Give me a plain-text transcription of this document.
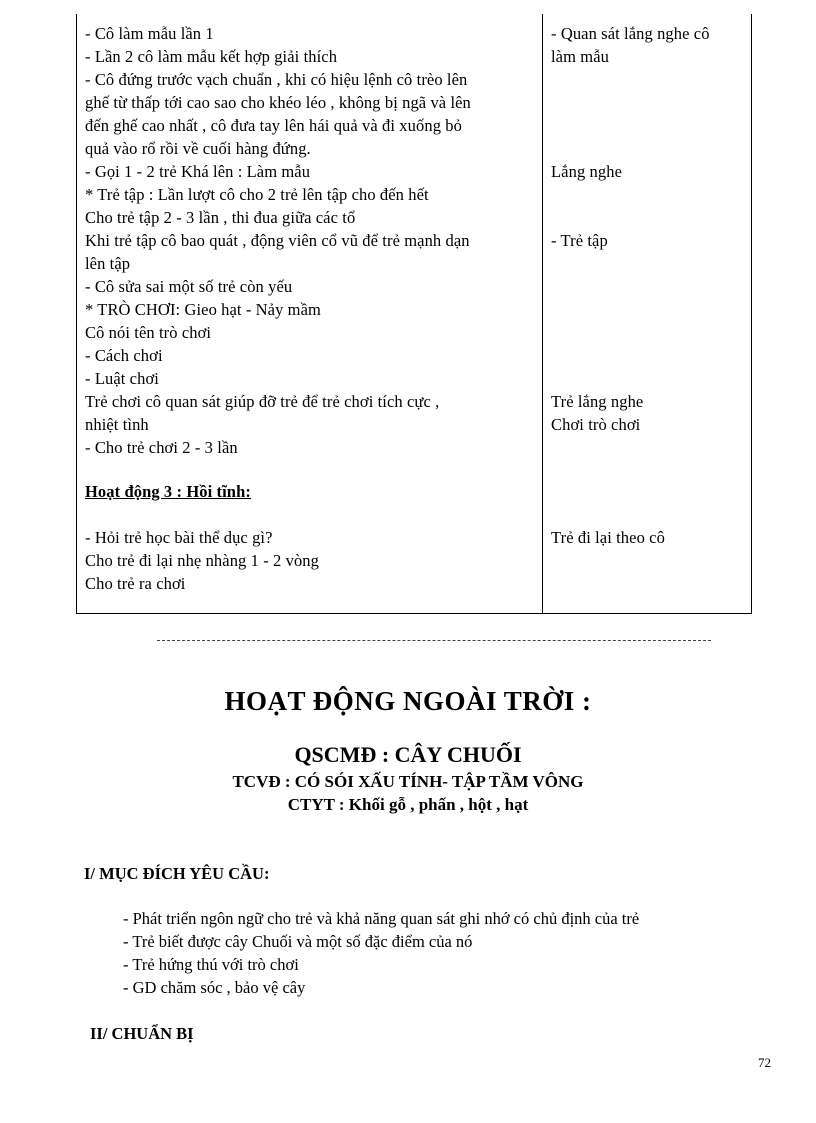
- Cô làm mẫu lần 1
- Lần 2 cô làm mẫu kết hợp giải thích
- Cô đứng trước vạch chuẩn , khi có hiệu lệnh cô trèo lên
ghế từ thấp tới cao sao cho khéo léo , không bị ngã và lên
đến ghế cao nhất , cô đưa tay lên hái quả và đi xuống bỏ
quả vào rổ rồi về cuối hàng đứng.
- Gọi 1 - 2 trẻ Khá lên : Làm mẫu
* Trẻ tập : Lần lượt cô cho 2 trẻ lên tập cho đến hết
Cho trẻ tập 2 - 3 lần , thi đua giữa các tổ
Khi trẻ tập cô bao quát , động viên cổ vũ để trẻ mạnh dạn
lên tập
- Cô sửa sai một số trẻ còn yếu
* TRÒ CHƠI: Gieo hạt - Nảy mầm
Cô nói tên trò chơi
- Cách chơi
- Luật chơi
Trẻ chơi cô quan sát giúp đỡ trẻ để trẻ chơi tích cực ,
nhiệt tình
- Cho trẻ chơi 2 - 3 lần
Hoạt động 3 : Hồi tĩnh:
- Hỏi trẻ học bài thể dục gì?
Cho trẻ đi lại nhẹ nhàng 1 - 2 vòng
Cho trẻ ra chơi
- Quan sát lắng nghe cô
làm mẫu
Lắng nghe
- Trẻ tập
Trẻ lắng nghe
Chơi trò chơi
Trẻ đi lại theo cô
HOẠT ĐỘNG NGOÀI TRỜI :
QSCMĐ : CÂY CHUỐI
TCVĐ : CÓ SÓI XẤU TÍNH- TẬP TẦM VÔNG
CTYT : Khối gỗ , phấn , hột , hạt
I/ MỤC ĐÍCH YÊU CẦU:
- Phát triển ngôn ngữ cho trẻ và khả năng quan sát ghi nhớ có chủ định của trẻ
- Trẻ biết được cây Chuối và một số đặc điểm của nó
- Trẻ hứng thú với trò chơi
- GD chăm sóc , bảo vệ cây
II/ CHUẨN BỊ
72
